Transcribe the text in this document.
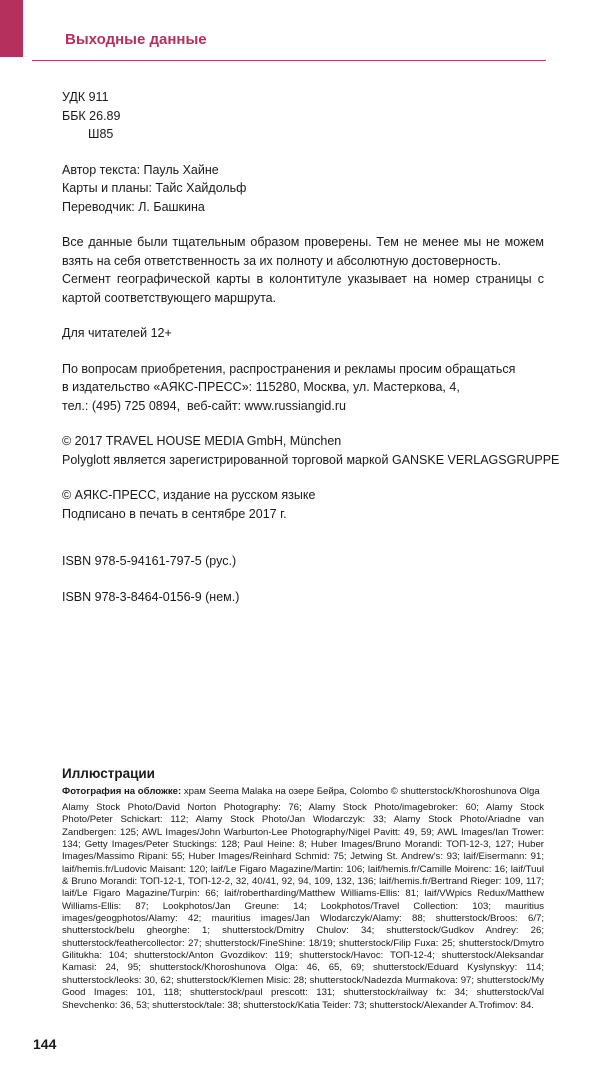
Выходные данные

УДК 911

ББК 26.89

Ш85

Автор текста: Пауль Хайне

Карты и планы: Тайс Хайдольф

Переводчик: Л. Башкина

Все данные были тщательным образом проверены. Тем не менее мы не можем взять на себя ответственность за их полноту и абсолютную достоверность.

Сегмент географической карты в колонтитуле указывает на номер страницы с картой соответствующего маршрута.

Для читателей 12+

По вопросам приобретения, распространения и рекламы просим обращаться

в издательство «АЯКС-ПРЕСС»: 115280, Москва, ул. Мастеркова, 4,

тел.: (495) 725 0894,  веб-сайт: www.russiangid.ru

© 2017 TRAVEL HOUSE MEDIA GmbH, München

Polyglott является зарегистрированной торговой маркой GANSKE VERLAGSGRUPPE

© АЯКС-ПРЕСС, издание на русском языке

Подписано в печать в сентябре 2017 г.

ISBN 978-5-94161-797-5 (рус.)

ISBN 978-3-8464-0156-9 (нем.)

Иллюстрации
Фотография на обложке: храм Seema Malaka на озере Бейра, Colombo © shutterstock/Khoroshunova Olga
Alamy Stock Photo/David Norton Photography: 76; Alamy Stock Photo/imagebroker: 60; Alamy Stock Photo/Peter Schickart: 112; Alamy Stock Photo/Jan Wlodarczyk: 33; Alamy Stock Photo/Ariadne van Zandbergen: 125; AWL Images/John Warburton-Lee Photography/Nigel Pavitt: 49, 59; AWL Images/Ian Trower: 134; Getty Images/Peter Stuckings: 128; Paul Heine: 8; Huber Images/Bruno Morandi: ТОП-12-3, 127; Huber Images/Massimo Ripani: 55; Huber Images/Reinhard Schmid: 75; Jetwing St. Andrew's: 93; laif/Eisermann: 91; laif/hemis.fr/Ludovic Maisant: 120; laif/Le Figaro Magazine/Martin: 106; laif/hemis.fr/Camille Moirenc: 16; laif/Tuul & Bruno Morandi: ТОП-12-1, ТОП-12-2, 32, 40/41, 92, 94, 109, 132, 136; laif/hemis.fr/Bertrand Rieger: 109, 117; laif/Le Figaro Magazine/Turpin: 66; laif/robertharding/Matthew Williams-Ellis: 81; laif/VWpics Redux/Matthew Williams-Ellis: 87; Lookphotos/Jan Greune: 14; Lookphotos/Travel Collection: 103; mauritius images/geogphotos/Alamy: 42; mauritius images/Jan Wlodarczyk/Alamy: 88; shutterstock/Broos: 6/7; shutterstock/belu gheorghe: 1; shutterstock/Dmitry Chulov: 34; shutterstock/Gudkov Andrey: 26; shutterstock/feathercollector: 27; shutterstock/FineShine: 18/19; shutterstock/Filip Fuxa: 25; shutterstock/Dmytro Gilitukha: 104; shutterstock/Anton Gvozdikov: 119; shutterstock/Havoc: ТОП-12-4; shutterstock/Aleksandar Kamasi: 24, 95; shutterstock/Khoroshunova Olga: 46, 65, 69; shutterstock/Eduard Kyslynskyy: 114; shutterstock/leoks: 30, 62; shutterstock/Klemen Misic: 28; shutterstock/Nadezda Murmakova: 97; shutterstock/My Good Images: 101, 118; shutterstock/paul prescott: 131; shutterstock/railway fx: 34; shutterstock/Val Shevchenko: 36, 53; shutterstock/tale: 38; shutterstock/Katia Teider: 73; shutterstock/Alexander A.Trofimov: 84.
144
